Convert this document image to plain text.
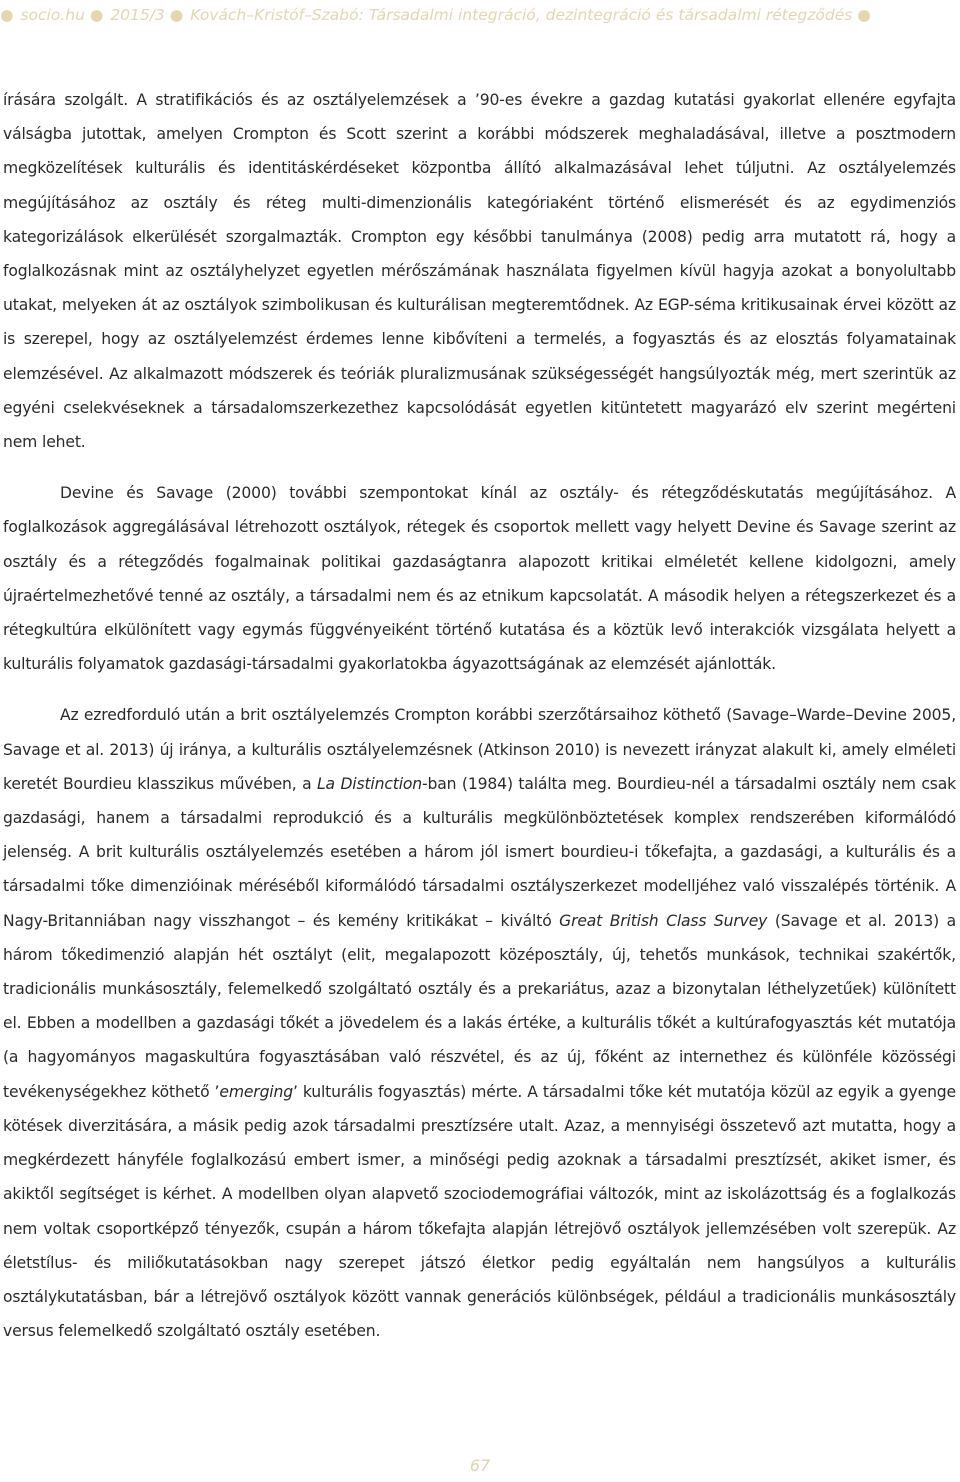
● socio.hu ● 2015/3 ● Kovách–Kristóf–Szabó: Társadalmi integráció, dezintegráció és társadalmi rétegződés ●

írására szolgált. A stratifikációs és az osztályelemzések a ’90-es évekre a gazdag kutatási gyakorlat ellenére egyfajta válságba jutottak, amelyen Crompton és Scott szerint a korábbi módszerek meghaladásával, illetve a posztmodern megközelítések kulturális és identitáskérdéseket központba állító alkalmazásával lehet túljutni. Az osztályelemzés megújításához az osztály és réteg multi-dimenzionális kategóriaként történő elismerését és az egydimenziós kategorizálások elkerülését szorgalmazták. Crompton egy későbbi tanulmánya (2008) pedig arra mutatott rá, hogy a foglalkozásnak mint az osztályhelyzet egyetlen mérőszámának használata figyelmen kívül hagyja azokat a bonyolultabb utakat, melyeken át az osztályok szimbolikusan és kulturálisan megteremtődnek. Az EGP-séma kritikusainak érvei között az is szerepel, hogy az osztályelemzést érdemes lenne kibővíteni a termelés, a fogyasztás és az elosztás folyamatainak elemzésével. Az alkalmazott módszerek és teóriák pluralizmusának szükségességét hangsúlyozták még, mert szerintük az egyéni cselekvéseknek a társadalomszerkezethez kapcsolódását egyetlen kitüntetett magyarázó elv szerint megérteni nem lehet.

Devine és Savage (2000) további szempontokat kínál az osztály- és rétegződéskutatás megújításához. A foglalkozások aggregálásával létrehozott osztályok, rétegek és csoportok mellett vagy helyett Devine és Savage szerint az osztály és a rétegződés fogalmainak politikai gazdaságtanra alapozott kritikai elméletét kellene kidolgozni, amely újraértelmezhetővé tenné az osztály, a társadalmi nem és az etnikum kapcsolatát. A második helyen a rétegszerkezet és a rétegkultúra elkülönített vagy egymás függvényeiként történő kutatása és a köztük levő interakciók vizsgálata helyett a kulturális folyamatok gazdasági-társadalmi gyakorlatokba ágyazottságának az elemzését ajánlották.

Az ezredforduló után a brit osztályelemzés Crompton korábbi szerzőtársaihoz köthető (Savage–Warde–Devine 2005, Savage et al. 2013) új iránya, a kulturális osztályelemzésnek (Atkinson 2010) is nevezett irányzat alakult ki, amely elméleti keretét Bourdieu klasszikus művében, a La Distinction-ban (1984) találta meg. Bourdieu-nél a társadalmi osztály nem csak gazdasági, hanem a társadalmi reprodukció és a kulturális megkülönböztetések komplex rendszerében kiformálódó jelenség. A brit kulturális osztályelemzés esetében a három jól ismert bourdieu-i tőkefajta, a gazdasági, a kulturális és a társadalmi tőke dimenzióinak méréséből kiformálódó társadalmi osztályszerkezet modelljéhez való visszalépés történik. A Nagy-Britanniában nagy visszhangot – és kemény kritikákat – kiváltó Great British Class Survey (Savage et al. 2013) a három tőkedimenzió alapján hét osztályt (elit, megalapozott középosztály, új, tehetős munkások, technikai szakértők, tradicionális munkásosztály, felemelkedő szolgáltató osztály és a prekariátus, azaz a bizonytalan léthelyzetűek) különített el. Ebben a modellben a gazdasági tőkét a jövedelem és a lakás értéke, a kulturális tőkét a kultúrafogyasztás két mutatója (a hagyományos magaskultúra fogyasztásában való részvétel, és az új, főként az internethez és különféle közösségi tevékenységekhez köthető ’emerging’ kulturális fogyasztás) mérte. A társadalmi tőke két mutatója közül az egyik a gyenge kötések diverzitására, a másik pedig azok társadalmi presztízsére utalt. Azaz, a mennyiségi összetevő azt mutatta, hogy a megkérdezett hányféle foglalkozású embert ismer, a minőségi pedig azoknak a társadalmi presztízsét, akiket ismer, és akiktől segítséget is kérhet. A modellben olyan alapvető szociodemográfiai változók, mint az iskolázottság és a foglalkozás nem voltak csoportképző tényezők, csupán a három tőkefajta alapján létrejövő osztályok jellemzésében volt szerepük. Az életstílus- és miliőkutatásokban nagy szerepet játszó életkor pedig egyáltalán nem hangsúlyos a kulturális osztálykutatásban, bár a létrejövő osztályok között vannak generációs különbségek, például a tradicionális munkásosztály versus felemelkedő szolgáltató osztály esetében.

67
